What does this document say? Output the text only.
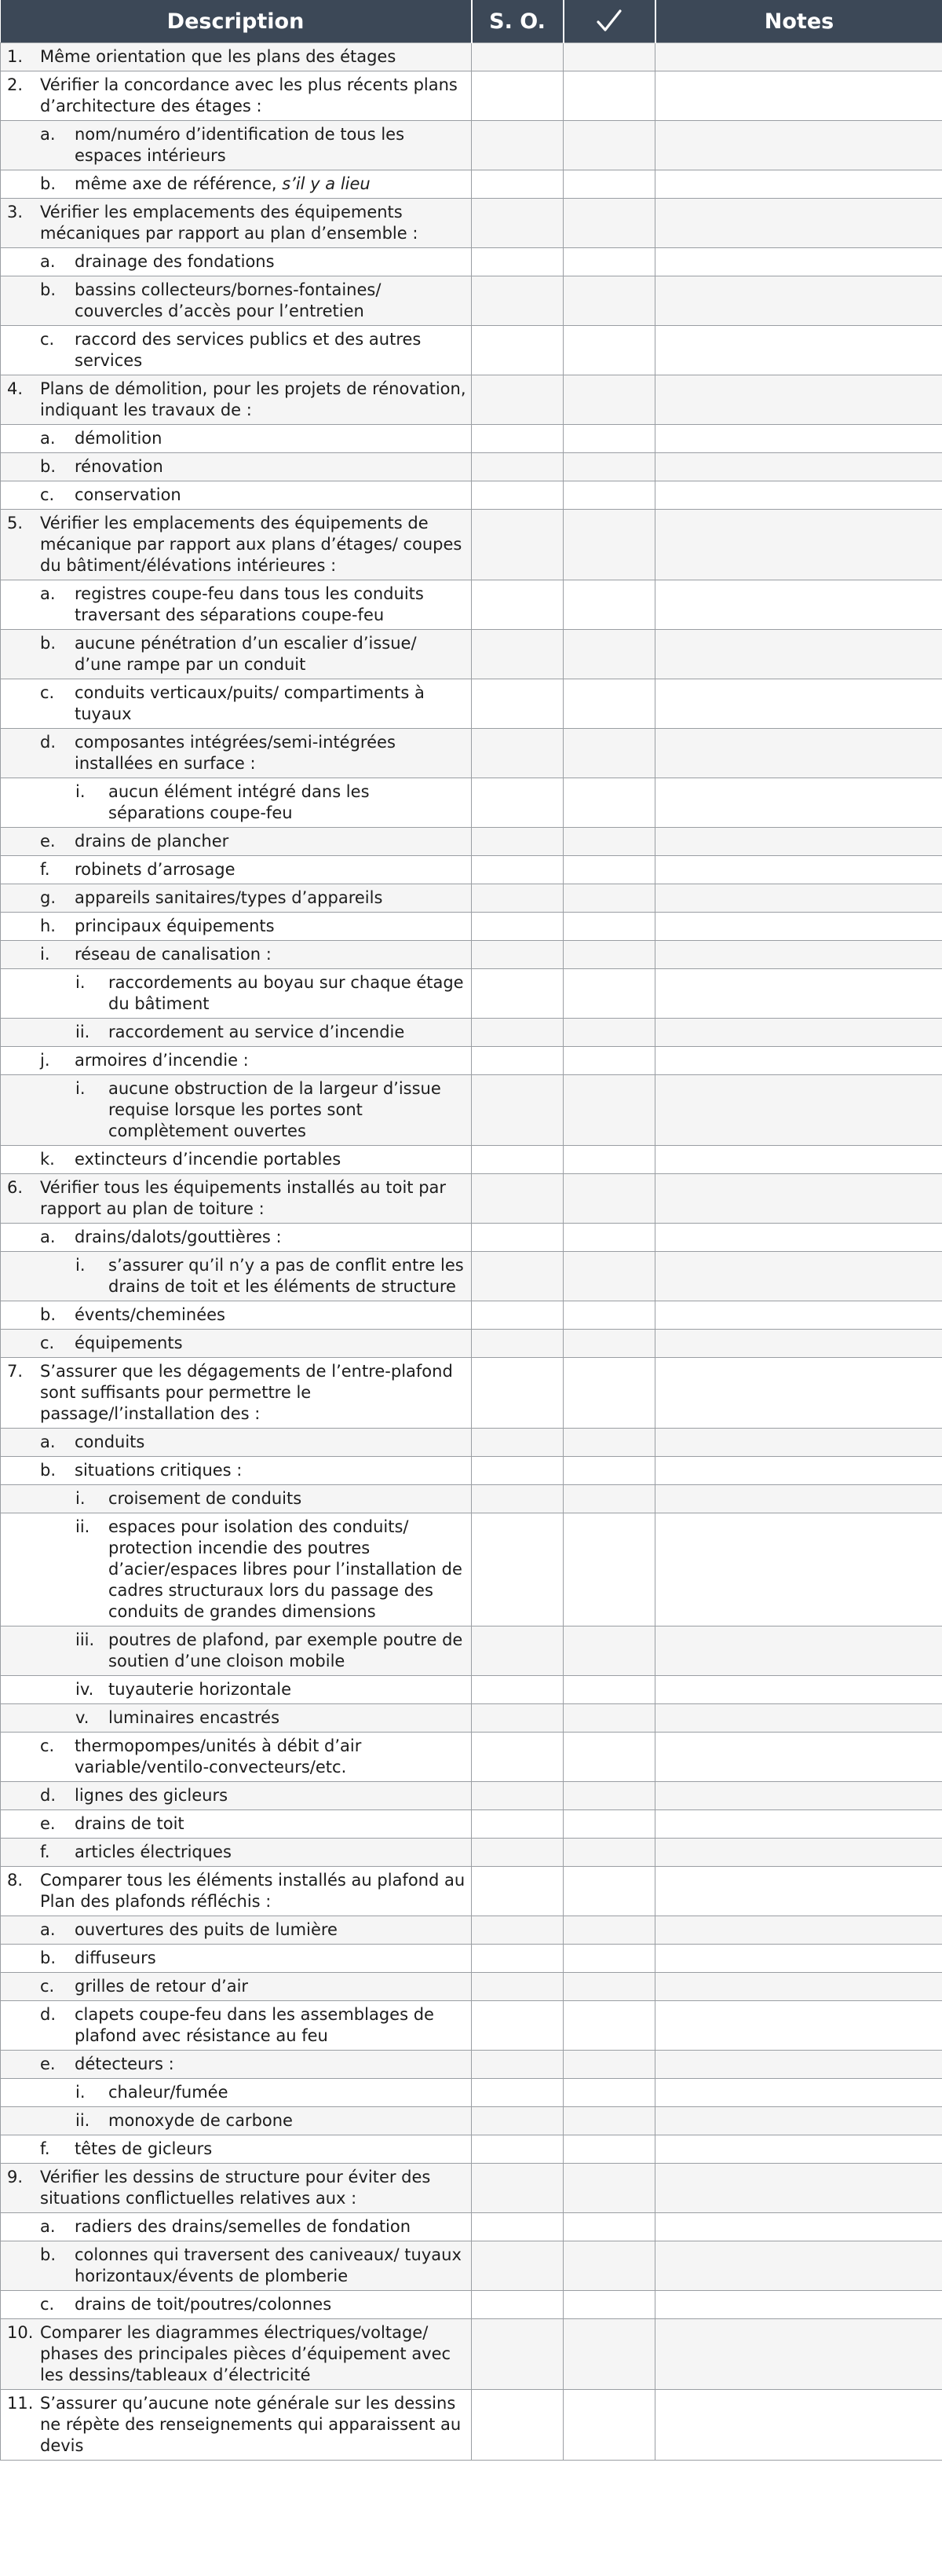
Description	S. O.		Notes

1. Même orientation que les plans des étages			

2. Vérifier la concordance avec les plus récents plans d’architecture des étages :			

a. nom/numéro d’identification de tous les espaces intérieurs			

b. même axe de référence, s’il y a lieu			

3. Vérifier les emplacements des équipements mécaniques par rapport au plan d’ensemble :			

a. drainage des fondations			

b. bassins collecteurs/bornes-fontaines/ couvercles d’accès pour l’entretien			

c. raccord des services publics et des autres services			

4. Plans de démolition, pour les projets de rénovation, indiquant les travaux de :			

a. démolition			

b. rénovation			

c. conservation			

5. Vérifier les emplacements des équipements de mécanique par rapport aux plans d’étages/ coupes du bâtiment/élévations intérieures :			

a. registres coupe-feu dans tous les conduits traversant des séparations coupe-feu			

b. aucune pénétration d’un escalier d’issue/ d’une rampe par un conduit			

c. conduits verticaux/puits/ compartiments à tuyaux			

d. composantes intégrées/semi-intégrées installées en surface :			

i. aucun élément intégré dans les séparations coupe-feu			

e. drains de plancher			

f. robinets d’arrosage			

g. appareils sanitaires/types d’appareils			

h. principaux équipements			

i. réseau de canalisation :			

i. raccordements au boyau sur chaque étage du bâtiment			

ii. raccordement au service d’incendie			

j. armoires d’incendie :			

i. aucune obstruction de la largeur d’issue requise lorsque les portes sont complètement ouvertes			

k. extincteurs d’incendie portables			

6. Vérifier tous les équipements installés au toit par rapport au plan de toiture :			

a. drains/dalots/gouttières :			

i. s’assurer qu’il n’y a pas de conflit entre les drains de toit et les éléments de structure			

b. évents/cheminées			

c. équipements			

7. S’assurer que les dégagements de l’entre-plafond sont suffisants pour permettre le passage/l’installation des :			

a. conduits			

b. situations critiques :			

i. croisement de conduits			

ii. espaces pour isolation des conduits/ protection incendie des poutres d’acier/espaces libres pour l’installation de cadres structuraux lors du passage des conduits de grandes dimensions			

iii. poutres de plafond, par exemple poutre de soutien d’une cloison mobile			

iv. tuyauterie horizontale			

v. luminaires encastrés			

c. thermopompes/unités à débit d’air variable/ventilo-convecteurs/etc.			

d. lignes des gicleurs			

e. drains de toit			

f. articles électriques			

8. Comparer tous les éléments installés au plafond au Plan des plafonds réfléchis :			

a. ouvertures des puits de lumière			

b. diffuseurs			

c. grilles de retour d’air			

d. clapets coupe-feu dans les assemblages de plafond avec résistance au feu			

e. détecteurs :			

i. chaleur/fumée			

ii. monoxyde de carbone			

f. têtes de gicleurs			

9. Vérifier les dessins de structure pour éviter des situations conflictuelles relatives aux :			

a. radiers des drains/semelles de fondation			

b. colonnes qui traversent des caniveaux/ tuyaux horizontaux/évents de plomberie			

c. drains de toit/poutres/colonnes			

10. Comparer les diagrammes électriques/voltage/ phases des principales pièces d’équipement avec les dessins/tableaux d’électricité			

11. S’assurer qu’aucune note générale sur les dessins ne répète des renseignements qui apparaissent au devis			
